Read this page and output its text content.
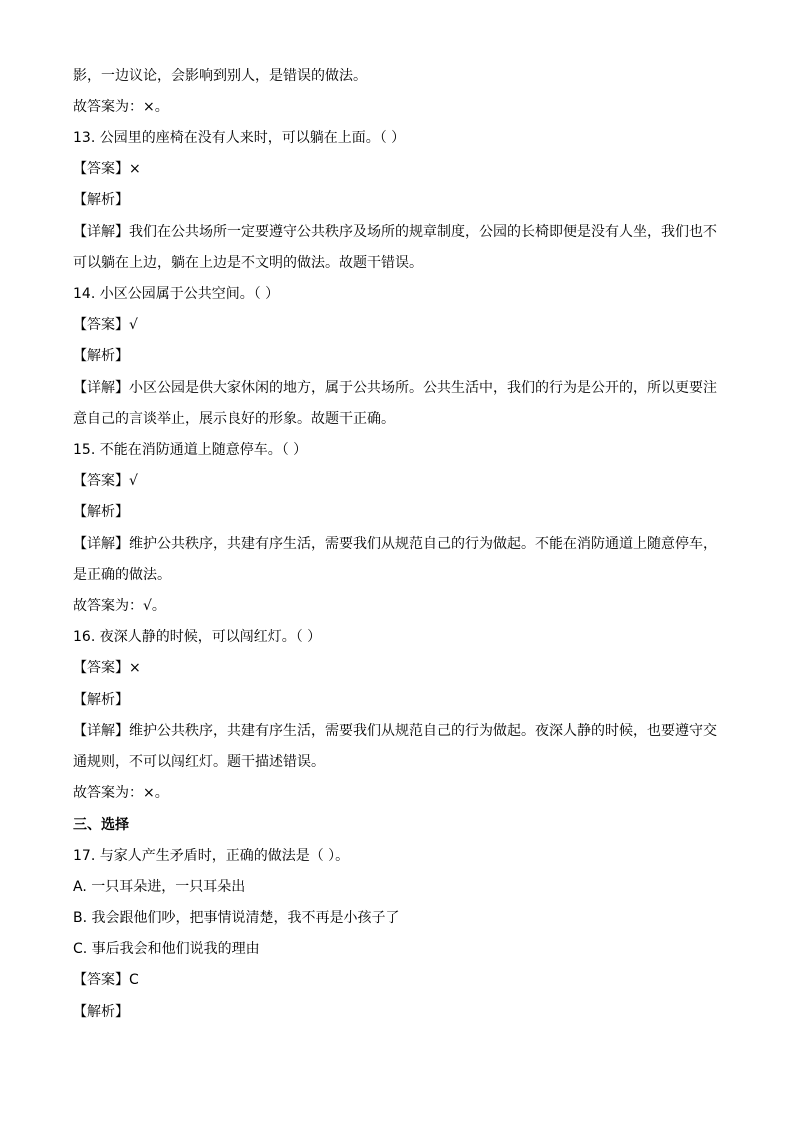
影，一边议论，会影响到别人，是错误的做法。
故答案为：×。
13. 公园里的座椅在没有人来时，可以躺在上面。（ ）
【答案】×
【解析】
【详解】我们在公共场所一定要遵守公共秩序及场所的规章制度，公园的长椅即便是没有人坐，我们也不
可以躺在上边，躺在上边是不文明的做法。故题干错误。
14. 小区公园属于公共空间。（ ）
【答案】√
【解析】
【详解】小区公园是供大家休闲的地方，属于公共场所。公共生活中，我们的行为是公开的，所以更要注
意自己的言谈举止，展示良好的形象。故题干正确。
15. 不能在消防通道上随意停车。（ ）
【答案】√
【解析】
【详解】维护公共秩序，共建有序生活，需要我们从规范自己的行为做起。不能在消防通道上随意停车，
是正确的做法。
故答案为：√。
16. 夜深人静的时候，可以闯红灯。（ ）
【答案】×
【解析】
【详解】维护公共秩序，共建有序生活，需要我们从规范自己的行为做起。夜深人静的时候，也要遵守交
通规则，不可以闯红灯。题干描述错误。
故答案为：×。
三、选择
17. 与家人产生矛盾时，正确的做法是（ ）。
A. 一只耳朵进，一只耳朵出
B. 我会跟他们吵，把事情说清楚，我不再是小孩子了
C. 事后我会和他们说我的理由
【答案】C
【解析】
